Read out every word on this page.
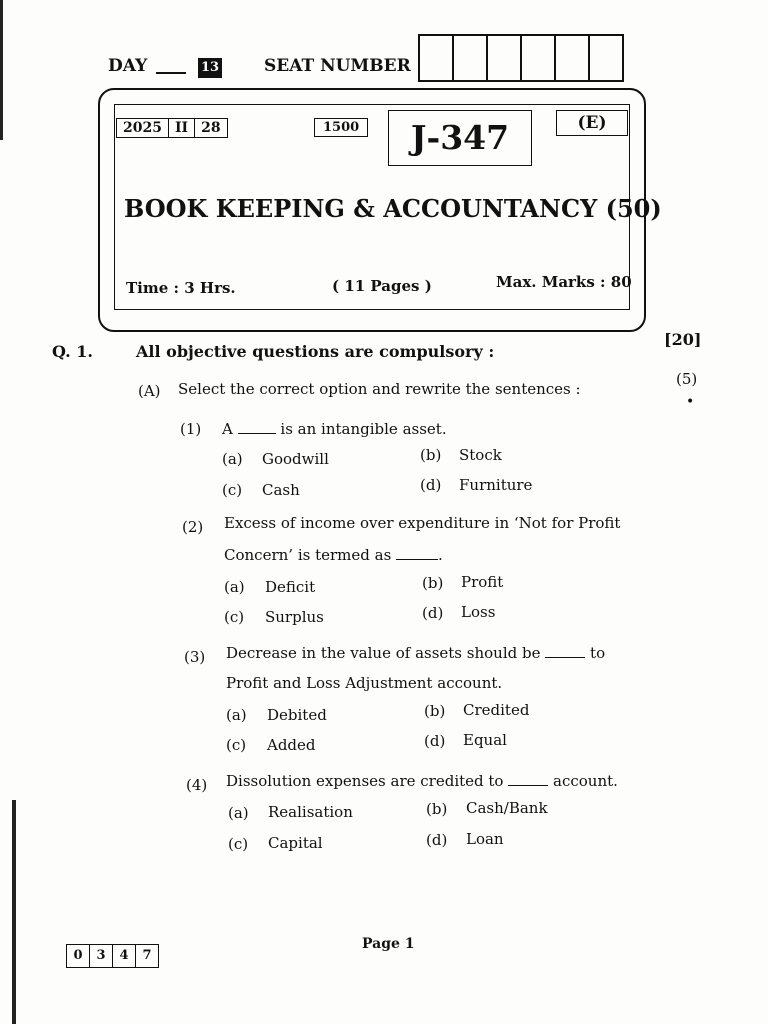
DAY	13	SEAT NUMBER
2025 II 28	1500	J-347	(E)
BOOK KEEPING & ACCOUNTANCY (50)
Time : 3 Hrs.	( 11 Pages )	Max. Marks : 80
Q. 1.	All objective questions are compulsory :
[20]
(A) Select the correct option and rewrite the sentences :
(5)
•
(1) A	is an intangible asset.
(a) Goodwill	(b) Stock
(c) Cash	(d) Furniture
(2) Excess of income over expenditure in ‘Not for Profit
Concern’ is termed as	.
(a) Deficit	(b) Profit
(c) Surplus	(d) Loss
(3) Decrease in the value of assets should be	to
Profit and Loss Adjustment account.
(a) Debited	(b) Credited
(c) Added	(d) Equal
(4) Dissolution expenses are credited to	account.
(a) Realisation	(b) Cash/Bank
(c) Capital	(d) Loan
0	3	4	7
Page 1
